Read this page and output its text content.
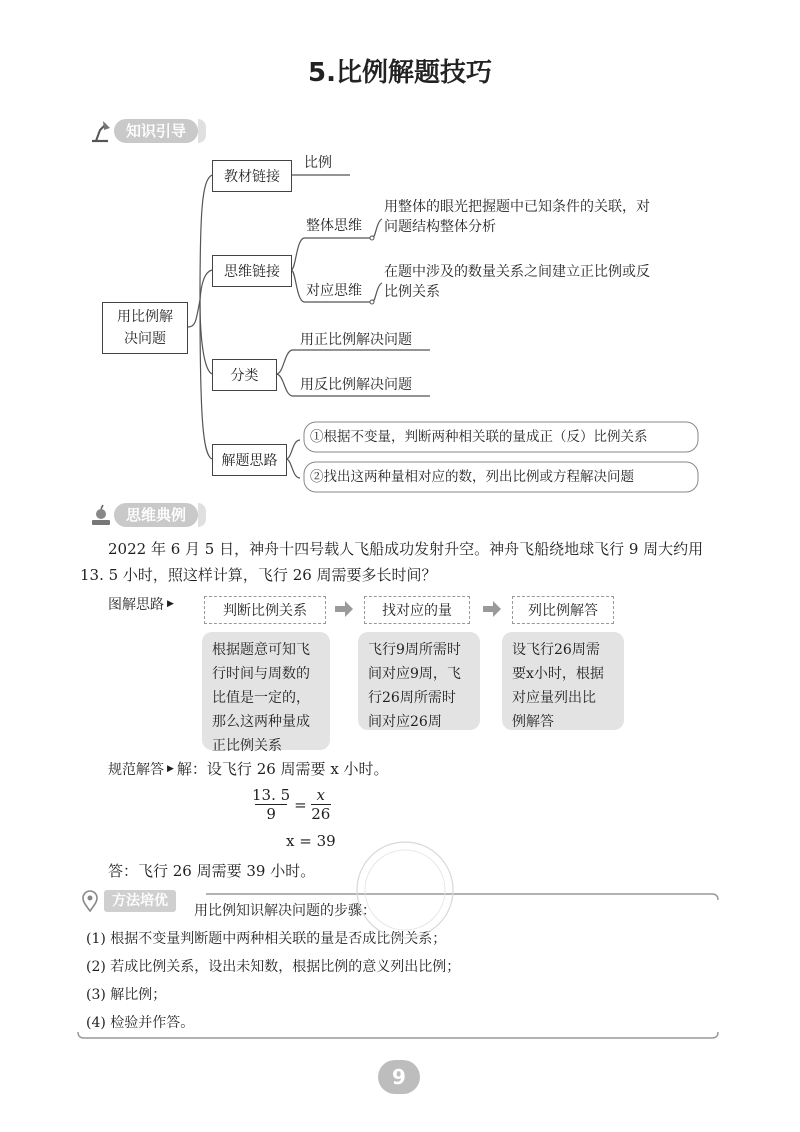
5.比例解题技巧
知识引导
用比例解
决问题
教材链接
思维链接
分类
解题思路
比例
整体思维
用整体的眼光把握题中已知条件的关联，对
问题结构整体分析
对应思维
在题中涉及的数量关系之间建立正比例或反
比例关系
用正比例解决问题
用反比例解决问题
①根据不变量，判断两种相关联的量成正（反）比例关系
②找出这两种量相对应的数，列出比例或方程解决问题
思维典例
2022 年 6 月 5 日，神舟十四号载人飞船成功发射升空。神舟飞船绕地球飞行 9 周大约用
13. 5 小时，照这样计算，飞行 26 周需要多长时间？
图解思路 ▶	判断比例关系	找对应的量	列比例解答
根据题意可知飞
行时间与周数的
比值是一定的，
那么这两种量成
正比例关系
飞行9周所需时
间对应9周，飞
行26周所需时
间对应26周
设飞行26周需
要x小时，根据
对应量列出比
例解答
规范解答 ▶ 解：设飞行 26 周需要 x 小时。
13. 5
9
=
x
26
x = 39
答：飞行 26 周需要 39 小时。
方法培优
用比例知识解决问题的步骤：
(1) 根据不变量判断题中两种相关联的量是否成比例关系；
(2) 若成比例关系，设出未知数，根据比例的意义列出比例；
(3) 解比例；
(4) 检验并作答。
9
